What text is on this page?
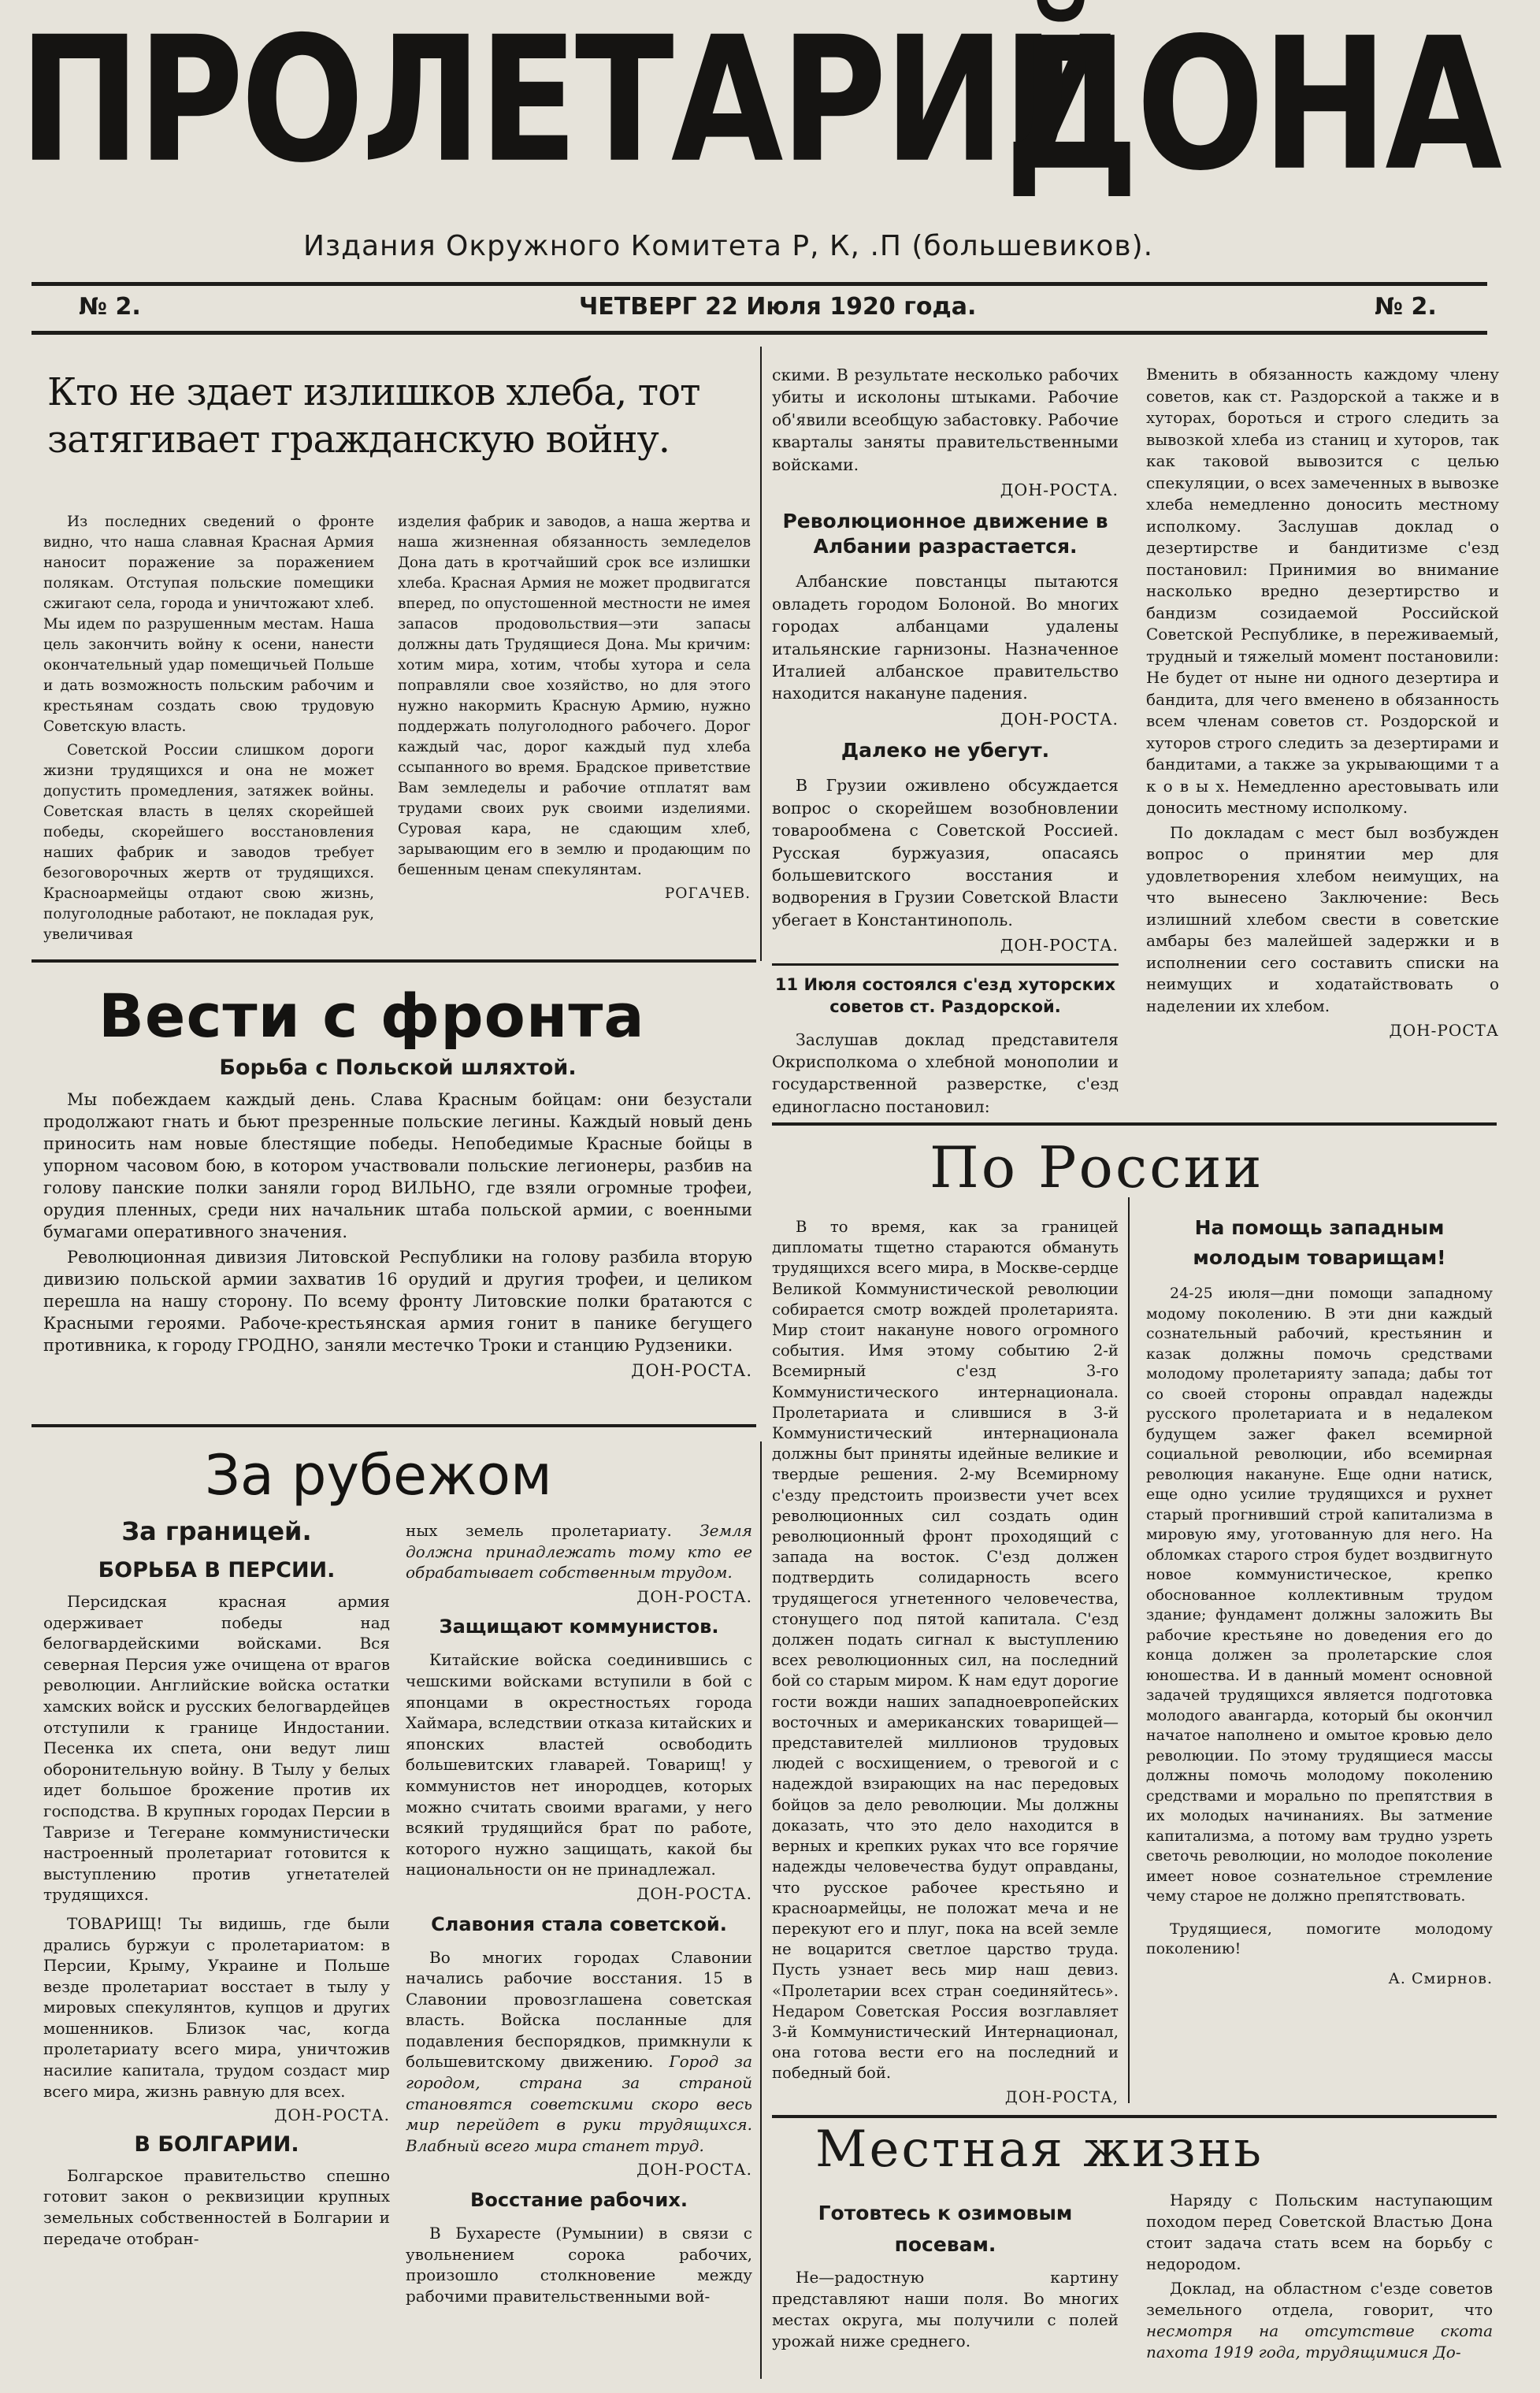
ПРОЛЕТАРИЙ
ДОНА
Издания Окружного Комитета Р, К, .П (большевиков).
№ 2.	ЧЕТВЕРГ 22 Июля 1920 года.	№ 2.
Кто не здает излишков хлеба, тот затягивает гражданскую войну.

Из последних сведений о фронте видно, что наша славная Красная Армия наносит поражение за поражением полякам. Отступая польские помещики сжигают села, города и уничтожают хлеб. Мы идем по разрушенным местам. Наша цель закончить войну к осени, нанести окончательный удар помещичьей Польше и дать возможность польским рабочим и крестьянам создать свою трудовую Советскую власть.

Советской России слишком дороги жизни трудящихся и она не может допустить промедления, затяжек войны. Советская власть в целях скорейшей победы, скорейшего восстановления наших фабрик и заводов требует безоговорочных жертв от трудящихся. Красноармейцы отдают свою жизнь, полуголодные работают, не покладая рук, увеличивая

изделия фабрик и заводов, а наша жертва и наша жизненная обязанность земледелов Дона дать в кротчайший срок все излишки хлеба. Красная Армия не может продвигатся вперед, по опустошенной местности не имея запасов продовольствия—эти запасы должны дать Трудящиеся Дона. Мы кричим: хотим мира, хотим, чтобы хутора и села поправляли свое хозяйство, но для этого нужно накормить Красную Армию, нужно поддержать полуголодного рабочего. Дорог каждый час, дорог каждый пуд хлеба ссыпанного во время. Брадское приветствие Вам земледелы и рабочие отплатят вам трудами своих рук своими изделиями. Суровая кара, не сдающим хлеб, зарывающим его в землю и продающим по бешенным ценам спекулянтам.

РОГАЧЕВ.

скими. В результате несколько рабочих убиты и исколоны штыками. Рабочие об'явили всеобщую забастовку. Рабочие кварталы заняты правительственными войсками.

ДОН-РОСТА.

Революционное движение в Албании разрастается.

Албанские повстанцы пытаются овладеть городом Болоной. Во многих городах албанцами удалены итальянские гарнизоны. Назначенное Италией албанское правительство находится накануне падения.

ДОН-РОСТА.

Далеко не убегут.

В Грузии оживлено обсуждается вопрос о скорейшем возобновлении товарообмена с Советской Россией. Русская буржуазия, опасаясь большевитского восстания и водворения в Грузии Советской Власти убегает в Константинополь.

ДОН-РОСТА.

11 Июля состоялся с'езд хуторских советов ст. Раздорской.

Заслушав доклад представителя Окрисполкома о хлебной монополии и государственной разверстке, с'езд единогласно постановил:

Вменить в обязанность каждому члену советов, как ст. Раздорской а также и в хуторах, бороться и строго следить за вывозкой хлеба из станиц и хуторов, так как таковой вывозится с целью спекуляции, о всех замеченных в вывозке хлеба немедленно доносить местному исполкому. Заслушав доклад о дезертирстве и бандитизме с'езд постановил: Принимия во внимание насколько вредно дезертирство и бандизм созидаемой Российской Советской Республике, в переживаемый, трудный и тяжелый момент постановили: Не будет от ныне ни одного дезертира и бандита, для чего вменено в обязанность всем членам советов ст. Роздорской и хуторов строго следить за дезертирами и бандитами, а также за укрывающими т а к о в ы х. Немедленно арестовывать или доносить местному исполкому.

По докладам с мест был возбужден вопрос о принятии мер для удовлетворения хлебом неимущих, на что вынесено Заключение: Весь излишний хлебом свести в советские амбары без малейшей задержки и в исполнении сего составить списки на неимущих и ходатайствовать о наделении их хлебом.

ДОН-РОСТА

Вести с фронта
Борьба с Польской шляхтой.

Мы побеждаем каждый день. Слава Красным бойцам: они безустали продолжают гнать и бьют презренные польские легины. Каждый новый день приносить нам новые блестящие победы. Непобедимые Красные бойцы в упорном часовом бою, в котором участвовали польские легионеры, разбив на голову панские полки заняли город ВИЛЬНО, где взяли огромные трофеи, орудия пленных, среди них начальник штаба польской армии, с военными бумагами оперативного значения.

Революционная дивизия Литовской Республики на голову разбила вторую дивизию польской армии захватив 16 орудий и другия трофеи, и целиком перешла на нашу сторону. По всему фронту Литовские полки братаются с Красными героями. Рабоче-крестьянская армия гонит в панике бегущего противника, к городу ГРОДНО, заняли местечко Троки и станцию Рудзеники.

ДОН-РОСТА.

За рубежом
За границей.
БОРЬБА В ПЕРСИИ.

Персидская красная армия одерживает победы над белогвардейскими войсками. Вся северная Персия уже очищена от врагов революции. Английские войска остатки хамских войск и русских белогвардейцев отступили к границе Индостании. Песенка их спета, они ведут лиш оборонительную войну. В Тылу у белых идет большое брожение против их господства. В крупных городах Персии в Тавризе и Тегеране коммунистически настроенный пролетариат готовится к выступлению против угнетателей трудящихся.

ТОВАРИЩ! Ты видишь, где были дрались буржуи с пролетариатом: в Персии, Крыму, Украине и Польше везде пролетариат восстает в тылу у мировых спекулянтов, купцов и других мошенников. Близок час, когда пролетариату всего мира, уничтожив насилие капитала, трудом создаст мир всего мира, жизнь равную для всех.

ДОН-РОСТА.

В БОЛГАРИИ.

Болгарское правительство спешно готовит закон о реквизиции крупных земельных собственностей в Болгарии и передаче отобран-

ных земель пролетариату. Земля должна принадлежать тому кто ее обрабатывает собственным трудом.

ДОН-РОСТА.

Защищают коммунистов.

Китайские войска соединившись с чешскими войсками вступили в бой с японцами в окрестностьях города Хаймара, вследствии отказа китайских и японских властей освободить большевитских главарей. Товарищ! у коммунистов нет инородцев, которых можно считать своими врагами, у него всякий трудящийся брат по работе, которого нужно защищать, какой бы национальности он не принадлежал.

ДОН-РОСТА.

Славония стала советской.

Во многих городах Славонии начались рабочие восстания. 15 в Славонии провозглашена советская власть. Войска посланные для подавления беспорядков, примкнули к большевитскому движению. Город за городом, страна за страной становятся советскими скоро весь мир перейдет в руки трудящихся. Влабный всего мира станет труд.

ДОН-РОСТА.

Восстание рабочих.

В Бухаресте (Румынии) в связи с увольнением сорока рабочих, произошло столкновение между рабочими правительственными вой-

По России

В то время, как за границей дипломаты тщетно стараются обмануть трудящихся всего мира, в Москве-сердце Великой Коммунистической революции собирается смотр вождей пролетарията. Мир стоит накануне нового огромного события. Имя этому событию 2-й Всемирный с'езд 3-го Коммунистического интернационала. Пролетариата и слившися в 3-й Коммунистический интернационала должны быт приняты идейные великие и твердые решения. 2-му Всемирному с'езду предстоить произвести учет всех революционных сил создать один революционный фронт проходящий с запада на восток. С'езд должен подтвердить солидарность всего трудящегося угнетенного человечества, стонущего под пятой капитала. С'езд должен подать сигнал к выступлению всех революционных сил, на последний бой со старым миром. К нам едут дорогие гости вожди наших западноевропейских восточных и американских товарищей—представителей миллионов трудовых людей с восхищением, о тревогой и с надеждой взирающих на нас передовых бойцов за дело революции. Мы должны доказать, что это дело находится в верных и крепких руках что все горячие надежды человечества будут оправданы, что русское рабочее крестьяно и красноармейцы, не положат меча и не перекуют его и плуг, пока на всей земле не воцарится светлое царство трудa. Пусть узнает весь мир наш девиз. «Пролетарии всех стран соединяйтесь». Недаром Советская Россия возглавляет 3-й Коммунистический Интернационал, она готова вести его на последний и победный бой.

ДОН-РОСТА,

На помощь западным молодым товарищам!

24-25 июля—дни помощи западному модому поколению. В эти дни каждый сознательный рабочий, крестьянин и казак должны помочь средствами молодому пролетарияту запада; дабы тот со своей стороны оправдал надежды русского пролетариата и в недалеком будущем зажег факел всемирной социальной революции, ибо всемирная революция накануне. Еще одни натиск, еще одно усилие трудящихся и рухнет старый прогнивший строй капитализма в мировую яму, уготованную для него. На обломках старого строя будет воздвигнуто новое коммунистическое, крепко обоснованное коллективным трудом здание; фундамент должны заложить Вы рабочие крестьяне но доведения его до конца должен за пролетарские слоя юношества. И в данный момент основной задачей трудящихся является подготовка молодого авангарда, который бы окончил начатое наполнено и омытое кровью дело революции. По этому трудящиеся массы должны помочь молодому поколению средствами и морально по препятствия в их молодых начинаниях. Вы затмение капитализма, а потому вам трудно узреть светочь революции, но молодое поколение имеет новое сознательное стремление чему старое не должно препятствовать.

Трудящиеся, помогите молодому поколению!

А. Смирнов.

Местная жизнь
Готовтесь к озимовым посевам.

Не—радостную картину представляют наши поля. Во многих местах округа, мы получили с полей урожай ниже среднего.

Наряду с Польским наступающим походом перед Советской Властью Дона стоит задача стать всем на борьбу с недородом.

Доклад, на областном с'езде советов земельного отдела, говорит, что несмотря на отсутствие скота пахота 1919 года, трудящимися До-
